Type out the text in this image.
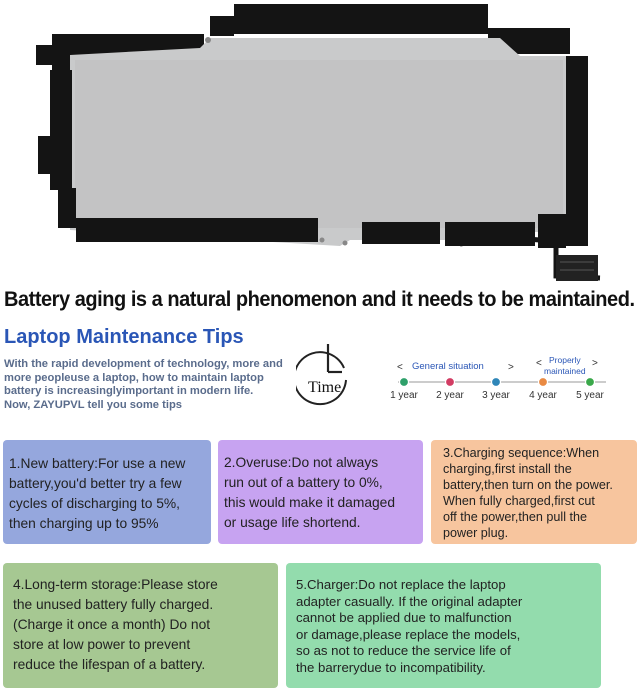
Battery aging is a natural phenomenon and it needs to be maintained.
Laptop Maintenance Tips
With the rapid development of technology, more and
more peopleuse a laptop, how to maintain laptop
battery is increasinglyimportant in modern life.
Now, ZAYUPVL tell you some tips
Time
< General situation > < Properly
maintained
>
1 year 2 year 3 year 4 year 5 year
1.New battery:For use a new
battery,you'd better try a few
cycles of discharging to 5%,
then charging up to 95%
2.Overuse:Do not always
run out of a battery to 0%,
this would make it damaged
or usage life shortend.
3.Charging sequence:When
charging,first install the
battery,then turn on the power.
When fully charged,first cut
off the power,then pull the
power plug.
4.Long-term storage:Please store
the unused battery fully charged.
(Charge it once a month) Do not
store at low power to prevent
reduce the lifespan of a battery.
5.Charger:Do not replace the laptop
adapter casually. If the original adapter
cannot be applied due to malfunction
or damage,please replace the models,
so as not to reduce the service life of
the barrerydue to incompatibility.
